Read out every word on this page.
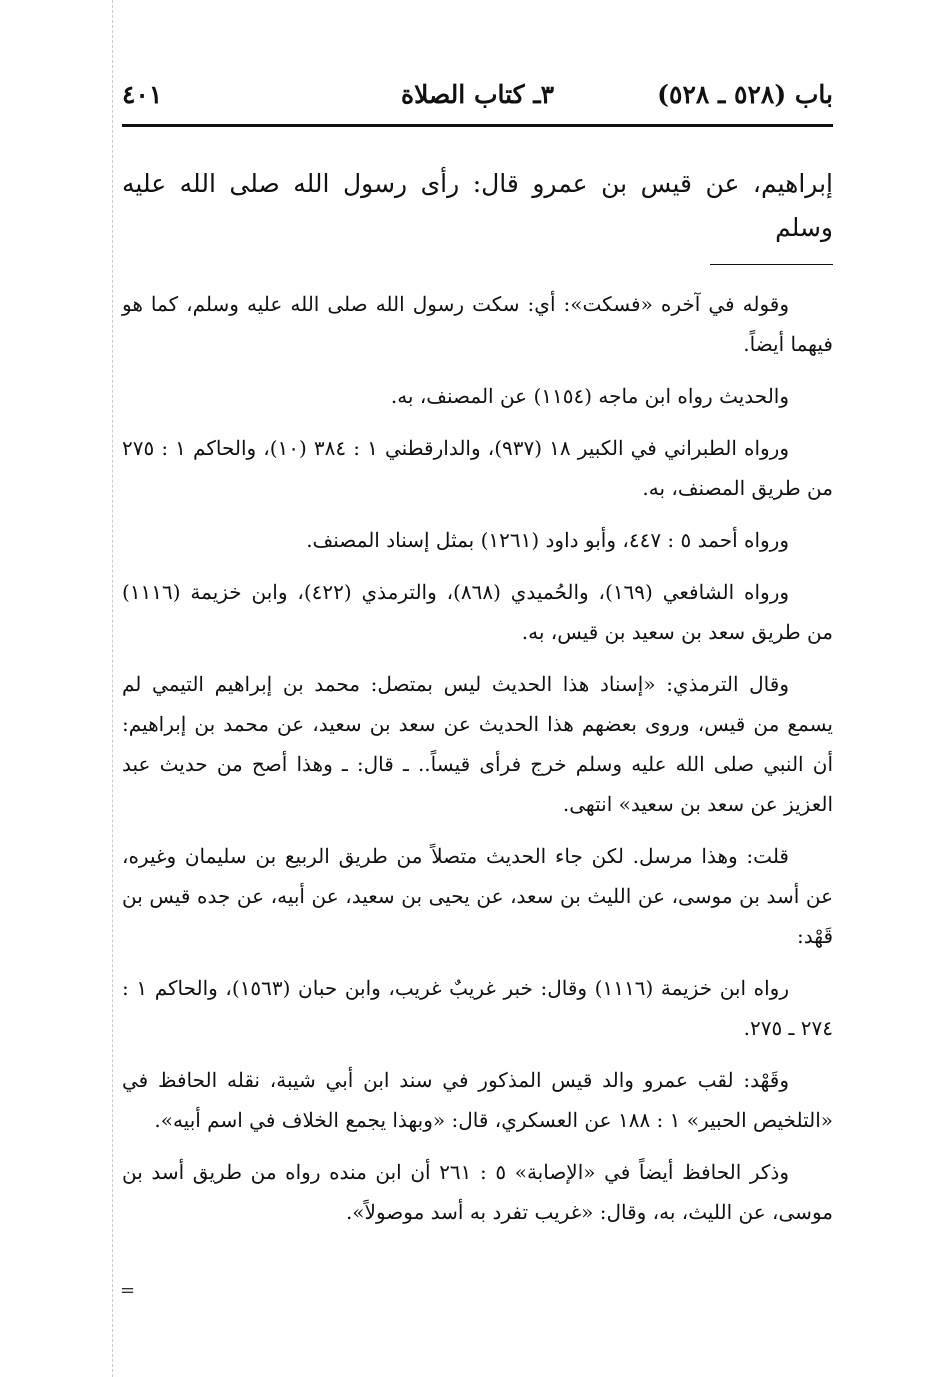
باب (٥٢٨ ـ ٥٢٨)
٣ـ كتاب الصلاة
٤٠١
إبراهيم، عن قيس بن عمرو قال: رأى رسول الله صلى الله عليه وسلم

وقوله في آخره «فسكت»: أي: سكت رسول الله صلى الله عليه وسلم، كما هو فيهما أيضاً.

والحديث رواه ابن ماجه (١١٥٤) عن المصنف، به.

ورواه الطبراني في الكبير ١٨ (٩٣٧)، والدارقطني ١ : ٣٨٤ (١٠)، والحاكم ١ : ٢٧٥ من طريق المصنف، به.

ورواه أحمد ٥ : ٤٤٧، وأبو داود (١٢٦١) بمثل إسناد المصنف.

ورواه الشافعي (١٦٩)، والحُميدي (٨٦٨)، والترمذي (٤٢٢)، وابن خزيمة (١١١٦) من طريق سعد بن سعيد بن قيس، به.

وقال الترمذي: «إسناد هذا الحديث ليس بمتصل: محمد بن إبراهيم التيمي لم يسمع من قيس، وروى بعضهم هذا الحديث عن سعد بن سعيد، عن محمد بن إبراهيم: أن النبي صلى الله عليه وسلم خرج فرأى قيساً.. ـ قال: ـ وهذا أصح من حديث عبد العزيز عن سعد بن سعيد» انتهى.

قلت: وهذا مرسل. لكن جاء الحديث متصلاً من طريق الربيع بن سليمان وغيره، عن أسد بن موسى، عن الليث بن سعد، عن يحيى بن سعيد، عن أبيه، عن جده قيس بن قَهْد:

رواه ابن خزيمة (١١١٦) وقال: خبر غريبٌ غريب، وابن حبان (١٥٦٣)، والحاكم ١ : ٢٧٤ ـ ٢٧٥.

وقَهْد: لقب عمرو والد قيس المذكور في سند ابن أبي شيبة، نقله الحافظ في «التلخيص الحبير» ١ : ١٨٨ عن العسكري، قال: «وبهذا يجمع الخلاف في اسم أبيه».

وذكر الحافظ أيضاً في «الإصابة» ٥ : ٢٦١ أن ابن منده رواه من طريق أسد بن موسى، عن الليث، به، وقال: «غريب تفرد به أسد موصولاً».

=
